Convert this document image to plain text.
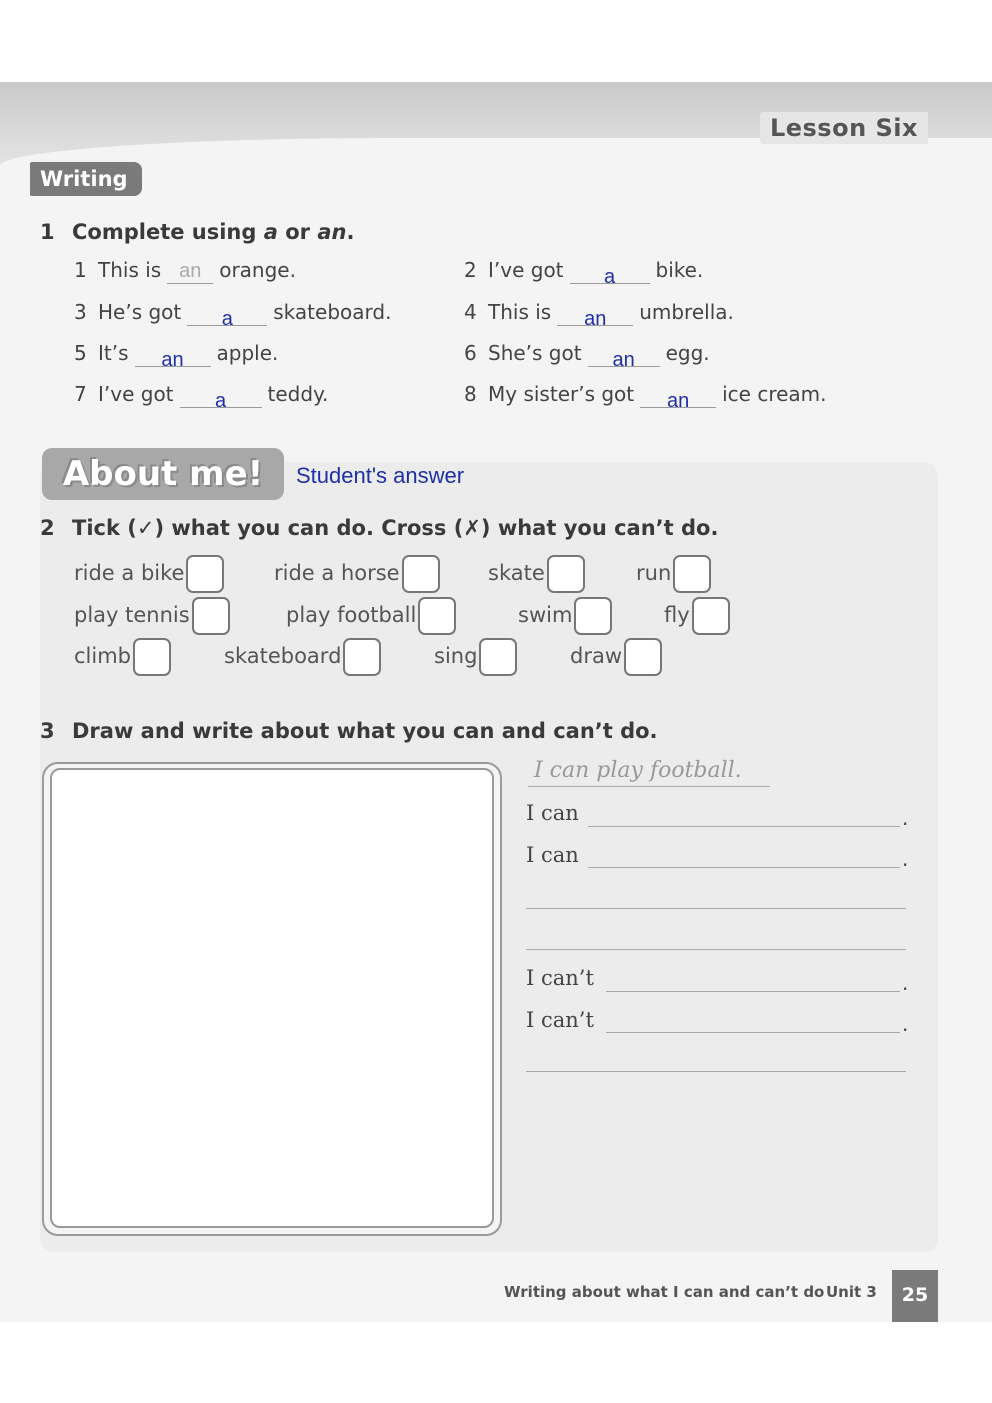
Lesson Six
Writing
1 Complete using a or an.
1 This is an orange.	2 I’ve got a bike.
3 He’s got a skateboard.	4 This is an umbrella.
5 It’s an apple.	6 She’s got an egg.
7 I’ve got a teddy.	8 My sister’s got an ice cream.
About me!	Student's answer
2 Tick (✓) what you can do. Cross (✗) what you can’t do.
ride a bike	ride a horse	skate	run
play tennis	play football	swim	fly
climb	skateboard	sing	draw
3 Draw and write about what you can and can’t do.
I can play football.
I can	.
I can	.
I can’t	.
I can’t	.
Writing about what I can and can’t do Unit 3	25
